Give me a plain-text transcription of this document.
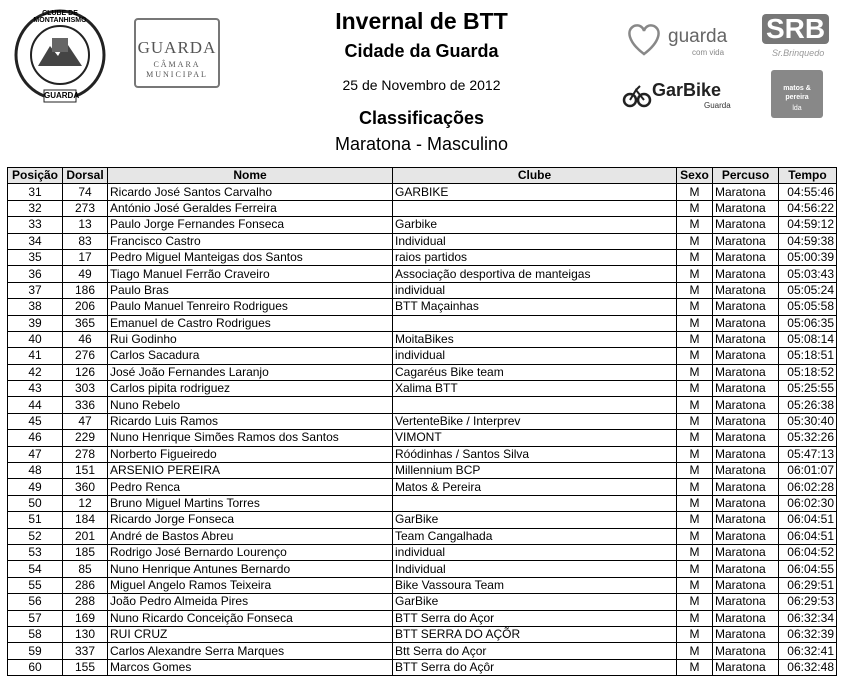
CLUBE DE MONTANHISMO
GUARDA
GUARDA
CÂMARA
MUNICIPAL
Invernal de BTT
Cidade da Guarda
25 de Novembro de 2012
Classificações
Maratona - Masculino
guarda
com vida
SRB
Sr.Brinquedo
GarBike
Guarda
matos & pereira
lda
Posição	Dorsal	Nome	Clube	Sexo	Percuso	Tempo
31	74	Ricardo José Santos Carvalho	GARBIKE	M	Maratona	04:55:46
32	273	António José Geraldes Ferreira		M	Maratona	04:56:22
33	13	Paulo Jorge Fernandes Fonseca	Garbike	M	Maratona	04:59:12
34	83	Francisco Castro	Individual	M	Maratona	04:59:38
35	17	Pedro Miguel Manteigas dos Santos	raios partidos	M	Maratona	05:00:39
36	49	Tiago Manuel Ferrão Craveiro	Associação desportiva de manteigas	M	Maratona	05:03:43
37	186	Paulo Bras	individual	M	Maratona	05:05:24
38	206	Paulo Manuel Tenreiro Rodrigues	BTT Maçainhas	M	Maratona	05:05:58
39	365	Emanuel de Castro Rodrigues		M	Maratona	05:06:35
40	46	Rui Godinho	MoitaBikes	M	Maratona	05:08:14
41	276	Carlos Sacadura	individual	M	Maratona	05:18:51
42	126	José João Fernandes Laranjo	Cagaréus Bike team	M	Maratona	05:18:52
43	303	Carlos pipita rodriguez	Xalima BTT	M	Maratona	05:25:55
44	336	Nuno Rebelo		M	Maratona	05:26:38
45	47	Ricardo Luis Ramos	VertenteBike / Interprev	M	Maratona	05:30:40
46	229	Nuno Henrique Simões Ramos dos Santos	VIMONT	M	Maratona	05:32:26
47	278	Norberto Figueiredo	Róódinhas / Santos Silva	M	Maratona	05:47:13
48	151	ARSENIO PEREIRA	Millennium BCP	M	Maratona	06:01:07
49	360	Pedro Renca	Matos & Pereira	M	Maratona	06:02:28
50	12	Bruno Miguel Martins Torres		M	Maratona	06:02:30
51	184	Ricardo Jorge Fonseca	GarBike	M	Maratona	06:04:51
52	201	André de Bastos Abreu	Team Cangalhada	M	Maratona	06:04:51
53	185	Rodrigo José Bernardo Lourenço	individual	M	Maratona	06:04:52
54	85	Nuno Henrique Antunes Bernardo	Individual	M	Maratona	06:04:55
55	286	Miguel Angelo Ramos Teixeira	Bike Vassoura Team	M	Maratona	06:29:51
56	288	João Pedro Almeida Pires	GarBike	M	Maratona	06:29:53
57	169	Nuno Ricardo Conceição Fonseca	BTT Serra do Açor	M	Maratona	06:32:34
58	130	RUI CRUZ	BTT SERRA DO AÇÕR	M	Maratona	06:32:39
59	337	Carlos Alexandre Serra Marques	Btt Serra do Açor	M	Maratona	06:32:41
60	155	Marcos Gomes	BTT Serra do Açôr	M	Maratona	06:32:48
